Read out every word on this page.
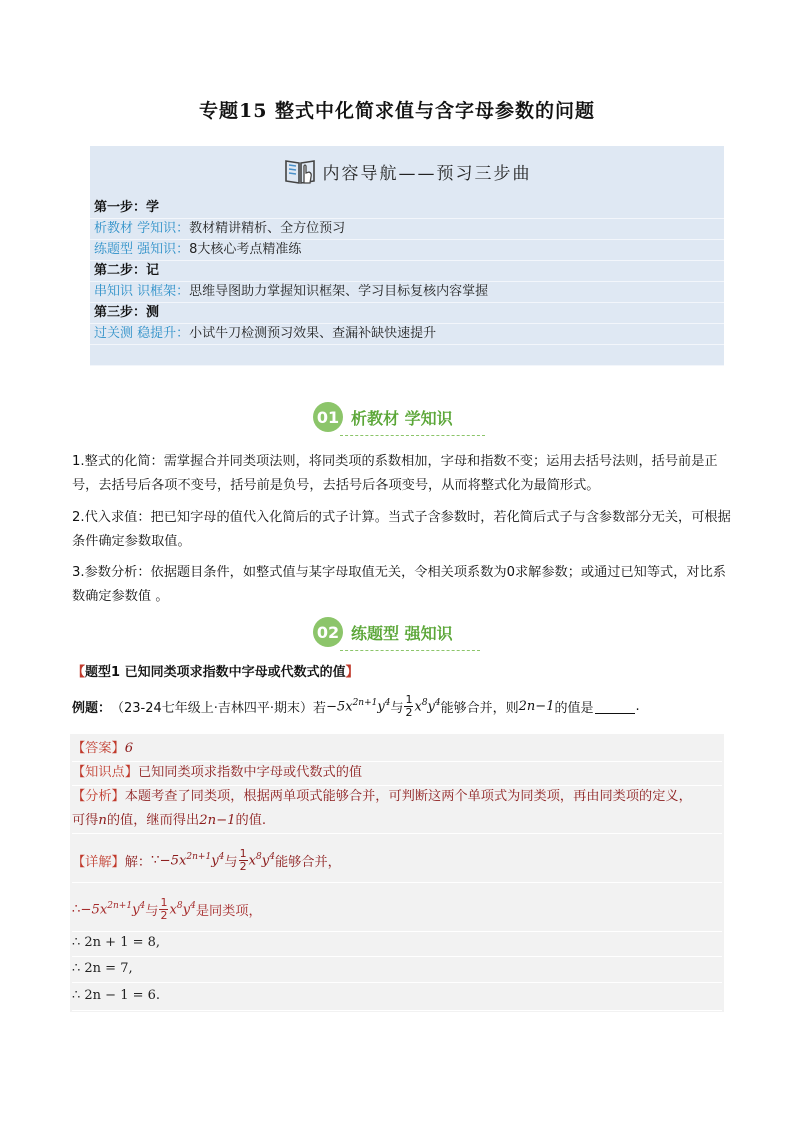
专题15 整式中化简求值与含字母参数的问题
内容导航——预习三步曲
第一步：学
析教材 学知识：教材精讲精析、全方位预习
练题型 强知识：8大核心考点精准练
第二步：记
串知识 识框架：思维导图助力掌握知识框架、学习目标复核内容掌握
第三步：测
过关测 稳提升：小试牛刀检测预习效果、查漏补缺快速提升
01 析教材 学知识
1.整式的化简：需掌握合并同类项法则，将同类项的系数相加，字母和指数不变；运用去括号法则，括号前是正号，去括号后各项不变号，括号前是负号，去括号后各项变号，从而将整式化为最简形式。
2.代入求值：把已知字母的值代入化简后的式子计算。当式子含参数时，若化简后式子与含参数部分无关，可根据条件确定参数取值。
3.参数分析：依据题目条件，如整式值与某字母取值无关，令相关项系数为0求解参数；或通过已知等式，对比系数确定参数值 。
02 练题型 强知识
【题型1 已知同类项求指数中字母或代数式的值】
例题： （23-24七年级上·吉林四平·期末）若 $-5x^{2n+1}y^4$ 与 $\frac{1}{2} x^8y^4$ 能够合并，则 2n−1 的值是	.
【答案】6
【知识点】已知同类项求指数中字母或代数式的值
【分析】本题考查了同类项，根据两单项式能够合并，可判断这两个单项式为同类项，再由同类项的定义，
可得n的值，继而得出2n−1的值.
【详解】 解： ∵ $-5x^{2n+1}y^4$ 与 $\frac{1}{2} x^8y^4$ 能够合并，
∴ $-5x^{2n+1}y^4$ 与 $\frac{1}{2} x^8y^4$ 是同类项，
∴ 2n + 1 = 8,
∴ 2n = 7,
∴ 2n − 1 = 6.
